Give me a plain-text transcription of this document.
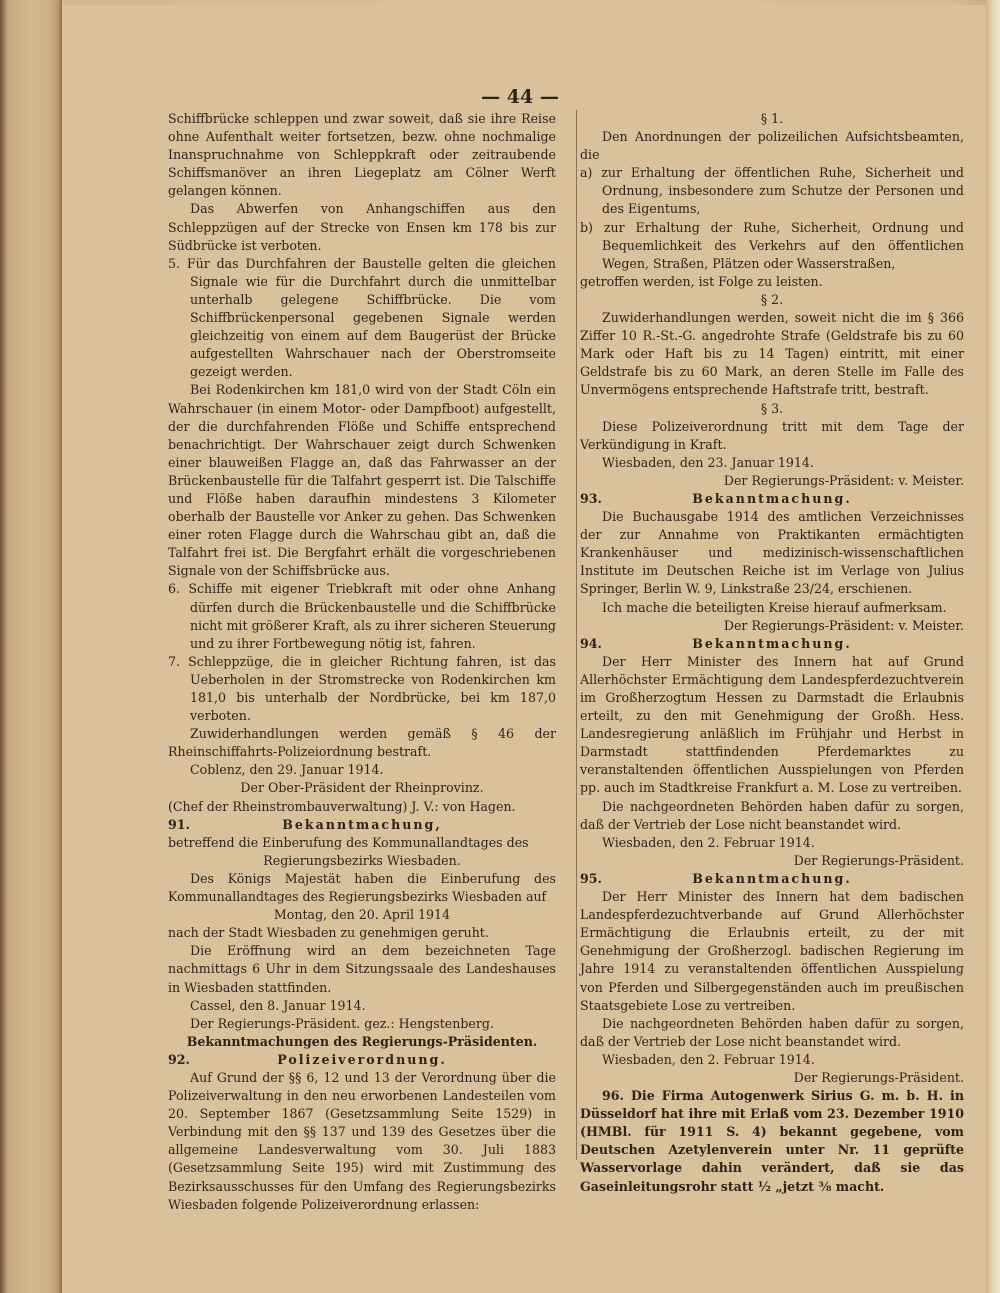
— 44 —

Schiffbrücke schleppen und zwar soweit, daß sie ihre Reise ohne Aufenthalt weiter fortsetzen, bezw. ohne nochmalige Inanspruchnahme von Schleppkraft oder zeitraubende Schiffsmanöver an ihren Liegeplatz am Cölner Werft gelangen können.

Das Abwerfen von Anhangschiffen aus den Schleppzügen auf der Strecke von Ensen km 178 bis zur Südbrücke ist verboten.

5. Für das Durchfahren der Baustelle gelten die gleichen Signale wie für die Durchfahrt durch die unmittelbar unterhalb gelegene Schiffbrücke. Die vom Schiffbrückenpersonal gegebenen Signale werden gleichzeitig von einem auf dem Baugerüst der Brücke aufgestellten Wahrschauer nach der Oberstromseite gezeigt werden.

Bei Rodenkirchen km 181,0 wird von der Stadt Cöln ein Wahrschauer (in einem Motor- oder Dampfboot) aufgestellt, der die durchfahrenden Flöße und Schiffe entsprechend benachrichtigt. Der Wahrschauer zeigt durch Schwenken einer blauweißen Flagge an, daß das Fahrwasser an der Brückenbaustelle für die Talfahrt gesperrt ist. Die Talschiffe und Flöße haben daraufhin mindestens 3 Kilometer oberhalb der Baustelle vor Anker zu gehen. Das Schwenken einer roten Flagge durch die Wahrschau gibt an, daß die Talfahrt frei ist. Die Bergfahrt erhält die vorgeschriebenen Signale von der Schiffsbrücke aus.

6. Schiffe mit eigener Triebkraft mit oder ohne Anhang dürfen durch die Brückenbaustelle und die Schiffbrücke nicht mit größerer Kraft, als zu ihrer sicheren Steuerung und zu ihrer Fortbewegung nötig ist, fahren.

7. Schleppzüge, die in gleicher Richtung fahren, ist das Ueberholen in der Stromstrecke von Rodenkirchen km 181,0 bis unterhalb der Nordbrücke, bei km 187,0 verboten.

Zuwiderhandlungen werden gemäß § 46 der Rheinschiffahrts-Polizeiordnung bestraft.

Coblenz, den 29. Januar 1914.

Der Ober-Präsident der Rheinprovinz.

(Chef der Rheinstrombauverwaltung) J. V.: von Hagen.

91.	Bekanntmachung,

betreffend die Einberufung des Kommunallandtages des

Regierungsbezirks Wiesbaden.

Des Königs Majestät haben die Einberufung des Kommunallandtages des Regierungsbezirks Wiesbaden auf

Montag, den 20. April 1914

nach der Stadt Wiesbaden zu genehmigen geruht.

Die Eröffnung wird an dem bezeichneten Tage nachmittags 6 Uhr in dem Sitzungssaale des Landeshauses in Wiesbaden stattfinden.

Cassel, den 8. Januar 1914.

Der Regierungs-Präsident. gez.: Hengstenberg.

Bekanntmachungen des Regierungs-Präsidenten.

92.	Polizeiverordnung.

Auf Grund der §§ 6, 12 und 13 der Verordnung über die Polizeiverwaltung in den neu erworbenen Landesteilen vom 20. September 1867 (Gesetzsammlung Seite 1529) in Verbindung mit den §§ 137 und 139 des Gesetzes über die allgemeine Landesverwaltung vom 30. Juli 1883 (Gesetzsammlung Seite 195) wird mit Zustimmung des Bezirksausschusses für den Umfang des Regierungsbezirks Wiesbaden folgende Polizeiverordnung erlassen:

§ 1.

Den Anordnungen der polizeilichen Aufsichtsbeamten, die

a) zur Erhaltung der öffentlichen Ruhe, Sicherheit und Ordnung, insbesondere zum Schutze der Personen und des Eigentums,

b) zur Erhaltung der Ruhe, Sicherheit, Ordnung und Bequemlichkeit des Verkehrs auf den öffentlichen Wegen, Straßen, Plätzen oder Wasserstraßen,

getroffen werden, ist Folge zu leisten.

§ 2.

Zuwiderhandlungen werden, soweit nicht die im § 366 Ziffer 10 R.-St.-G. angedrohte Strafe (Geldstrafe bis zu 60 Mark oder Haft bis zu 14 Tagen) eintritt, mit einer Geldstrafe bis zu 60 Mark, an deren Stelle im Falle des Unvermögens entsprechende Haftstrafe tritt, bestraft.

§ 3.

Diese Polizeiverordnung tritt mit dem Tage der Verkündigung in Kraft.

Wiesbaden, den 23. Januar 1914.

Der Regierungs-Präsident: v. Meister.

93.	Bekanntmachung.

Die Buchausgabe 1914 des amtlichen Verzeichnisses der zur Annahme von Praktikanten ermächtigten Krankenhäuser und medizinisch-wissenschaftlichen Institute im Deutschen Reiche ist im Verlage von Julius Springer, Berlin W. 9, Linkstraße 23/24, erschienen.

Ich mache die beteiligten Kreise hierauf aufmerksam.

Der Regierungs-Präsident: v. Meister.

94.	Bekanntmachung.

Der Herr Minister des Innern hat auf Grund Allerhöchster Ermächtigung dem Landespferdezuchtverein im Großherzogtum Hessen zu Darmstadt die Erlaubnis erteilt, zu den mit Genehmigung der Großh. Hess. Landesregierung anläßlich im Frühjahr und Herbst in Darmstadt stattfindenden Pferdemarktes zu veranstaltenden öffentlichen Ausspielungen von Pferden pp. auch im Stadtkreise Frankfurt a. M. Lose zu vertreiben.

Die nachgeordneten Behörden haben dafür zu sorgen, daß der Vertrieb der Lose nicht beanstandet wird.

Wiesbaden, den 2. Februar 1914.

Der Regierungs-Präsident.

95.	Bekanntmachung.

Der Herr Minister des Innern hat dem badischen Landespferdezuchtverbande auf Grund Allerhöchster Ermächtigung die Erlaubnis erteilt, zu der mit Genehmigung der Großherzogl. badischen Regierung im Jahre 1914 zu veranstaltenden öffentlichen Ausspielung von Pferden und Silbergegenständen auch im preußischen Staatsgebiete Lose zu vertreiben.

Die nachgeordneten Behörden haben dafür zu sorgen, daß der Vertrieb der Lose nicht beanstandet wird.

Wiesbaden, den 2. Februar 1914.

Der Regierungs-Präsident.

96. Die Firma Autogenwerk Sirius G. m. b. H. in Düsseldorf hat ihre mit Erlaß vom 23. Dezember 1910 (HMBl. für 1911 S. 4) bekannt gegebene, vom Deutschen Azetylenverein unter Nr. 11 geprüfte Wasservorlage dahin verändert, daß sie das Gaseinleitungsrohr statt ½ „jetzt ⅜ macht.
